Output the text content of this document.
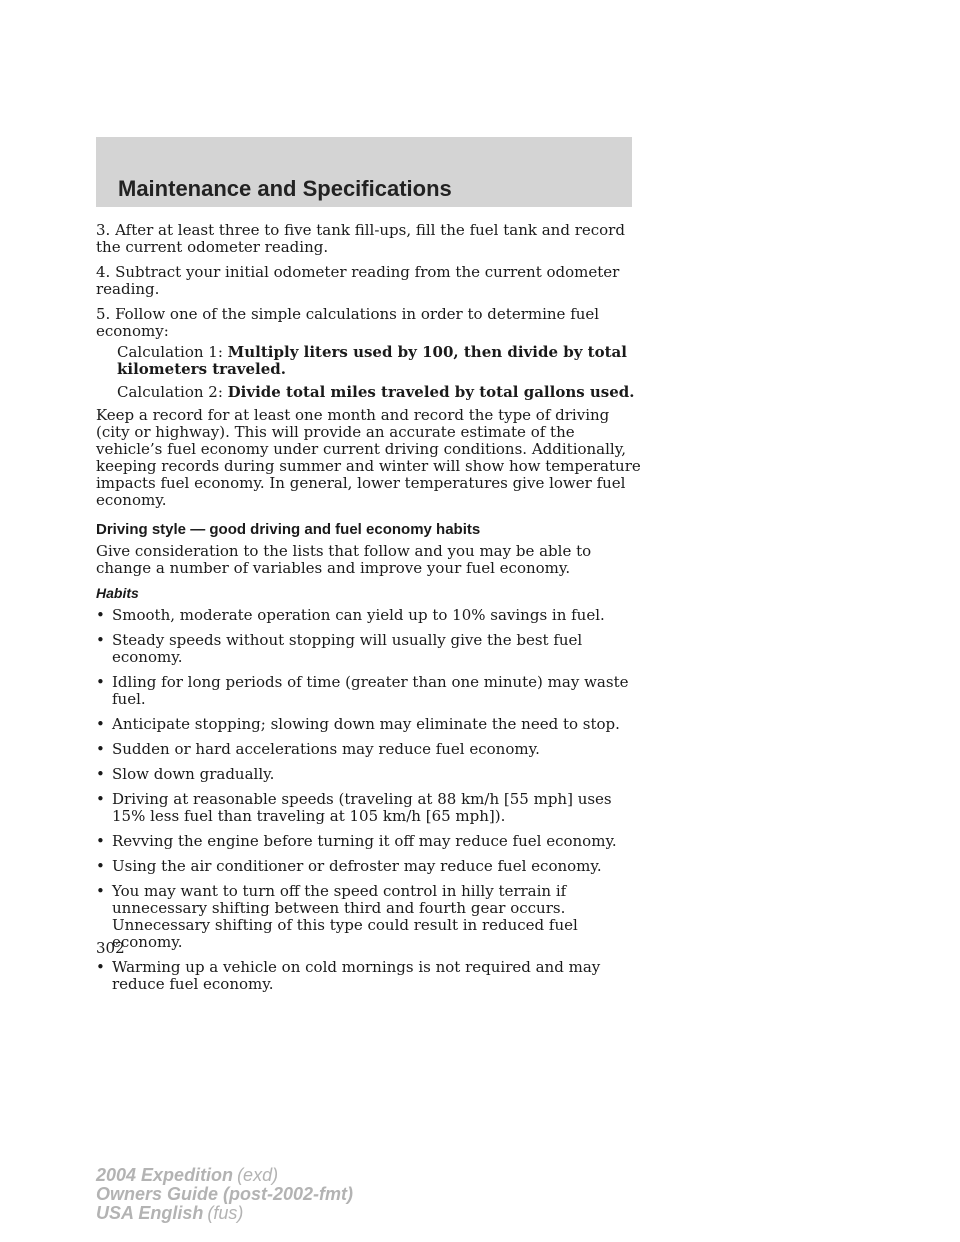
Maintenance and Specifications

3. After at least three to five tank fill-ups, fill the fuel tank and record the current odometer reading.

4. Subtract your initial odometer reading from the current odometer reading.

5. Follow one of the simple calculations in order to determine fuel economy:

Calculation 1: Multiply liters used by 100, then divide by total kilometers traveled.
Calculation 2: Divide total miles traveled by total gallons used.

Keep a record for at least one month and record the type of driving (city or highway). This will provide an accurate estimate of the vehicle’s fuel economy under current driving conditions. Additionally, keeping records during summer and winter will show how temperature impacts fuel economy. In general, lower temperatures give lower fuel economy.

Driving style — good driving and fuel economy habits

Give consideration to the lists that follow and you may be able to change a number of variables and improve your fuel economy.

Habits
• Smooth, moderate operation can yield up to 10% savings in fuel.
• Steady speeds without stopping will usually give the best fuel economy.
• Idling for long periods of time (greater than one minute) may waste fuel.
• Anticipate stopping; slowing down may eliminate the need to stop.
• Sudden or hard accelerations may reduce fuel economy.
• Slow down gradually.
• Driving at reasonable speeds (traveling at 88 km/h [55 mph] uses 15% less fuel than traveling at 105 km/h [65 mph]).
• Revving the engine before turning it off may reduce fuel economy.
• Using the air conditioner or defroster may reduce fuel economy.
• You may want to turn off the speed control in hilly terrain if unnecessary shifting between third and fourth gear occurs. Unnecessary shifting of this type could result in reduced fuel economy.
• Warming up a vehicle on cold mornings is not required and may reduce fuel economy.
302
2004 Expedition (exd)
Owners Guide (post-2002-fmt)
USA English (fus)
